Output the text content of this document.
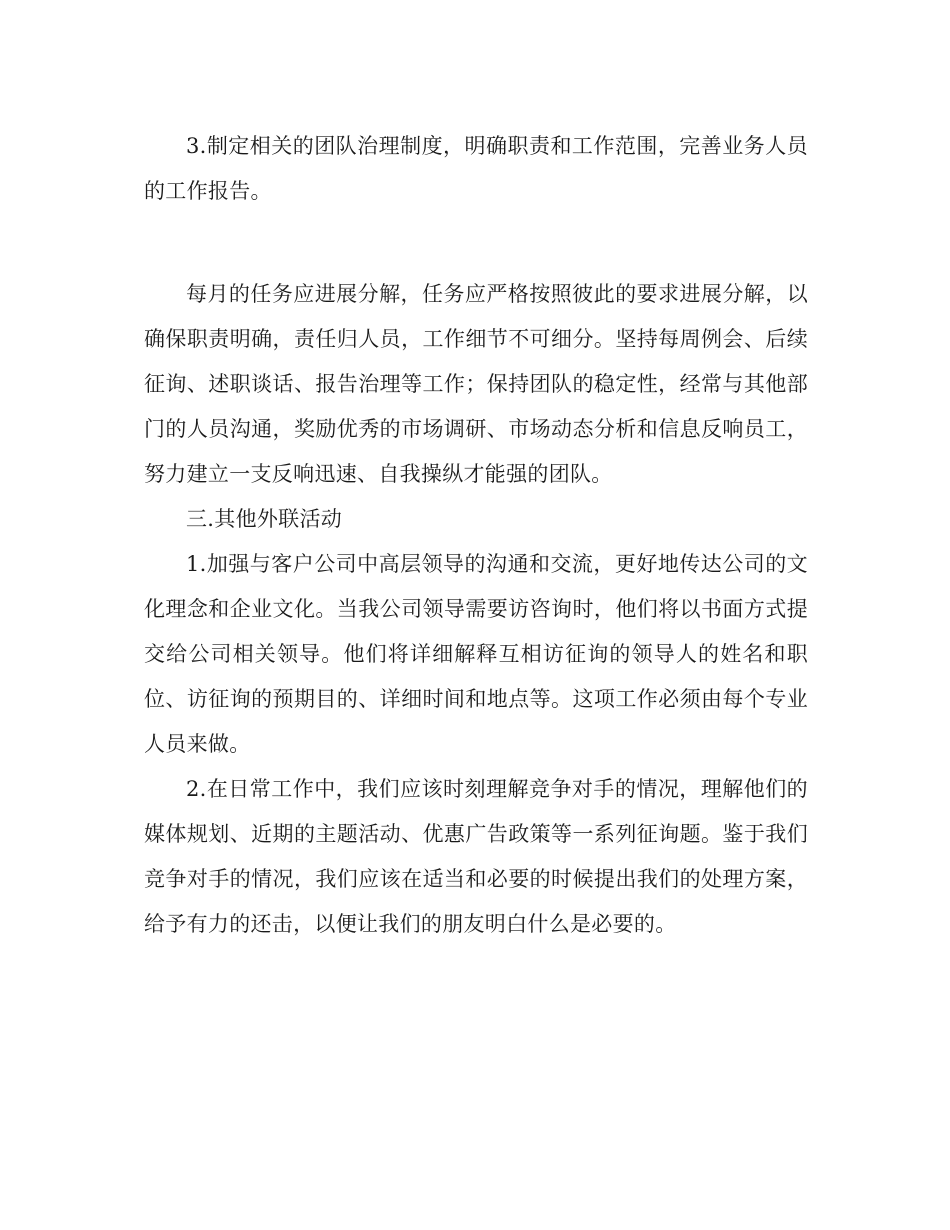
3.制定相关的团队治理制度，明确职责和工作范围，完善业务人员的工作报告。

每月的任务应进展分解，任务应严格按照彼此的要求进展分解，以确保职责明确，责任归人员，工作细节不可细分。坚持每周例会、后续征询、述职谈话、报告治理等工作；保持团队的稳定性，经常与其他部门的人员沟通，奖励优秀的市场调研、市场动态分析和信息反响员工，努力建立一支反响迅速、自我操纵才能强的团队。

三.其他外联活动

1.加强与客户公司中高层领导的沟通和交流，更好地传达公司的文化理念和企业文化。当我公司领导需要访咨询时，他们将以书面方式提交给公司相关领导。他们将详细解释互相访征询的领导人的姓名和职位、访征询的预期目的、详细时间和地点等。这项工作必须由每个专业人员来做。

2.在日常工作中，我们应该时刻理解竞争对手的情况，理解他们的媒体规划、近期的主题活动、优惠广告政策等一系列征询题。鉴于我们竞争对手的情况，我们应该在适当和必要的时候提出我们的处理方案，给予有力的还击，以便让我们的朋友明白什么是必要的。
